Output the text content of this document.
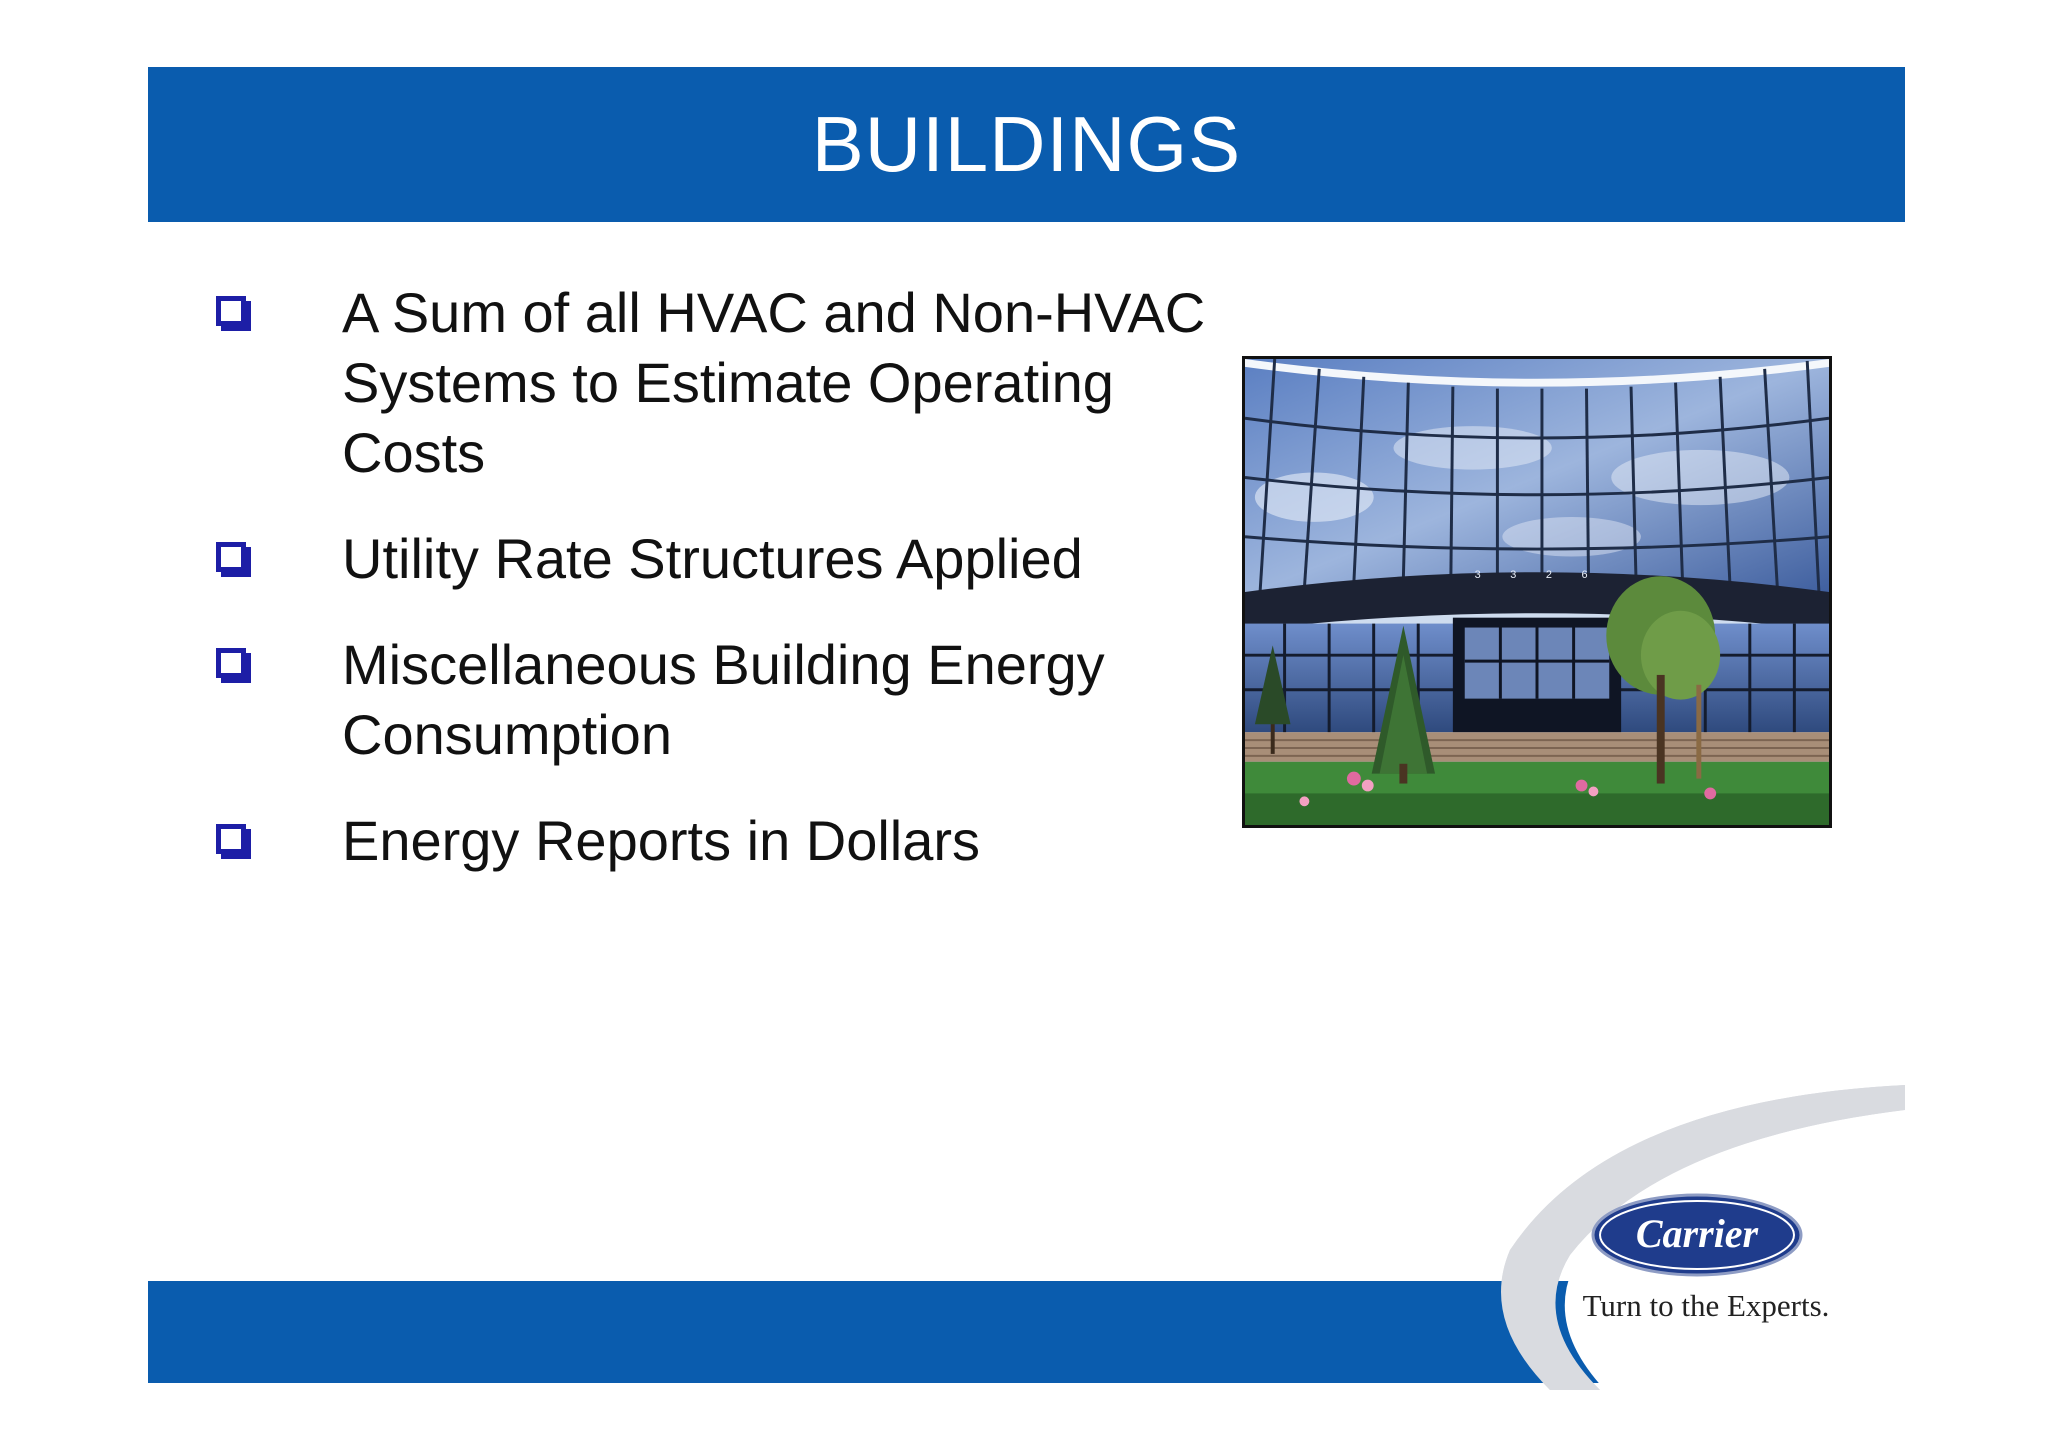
BUILDINGS
A Sum of all HVAC and Non-HVAC
Systems to Estimate Operating
Costs
Utility Rate Structures Applied
Miscellaneous Building Energy
Consumption
Energy Reports in Dollars
3	3	2	6
Carrier
Turn to the Experts.
